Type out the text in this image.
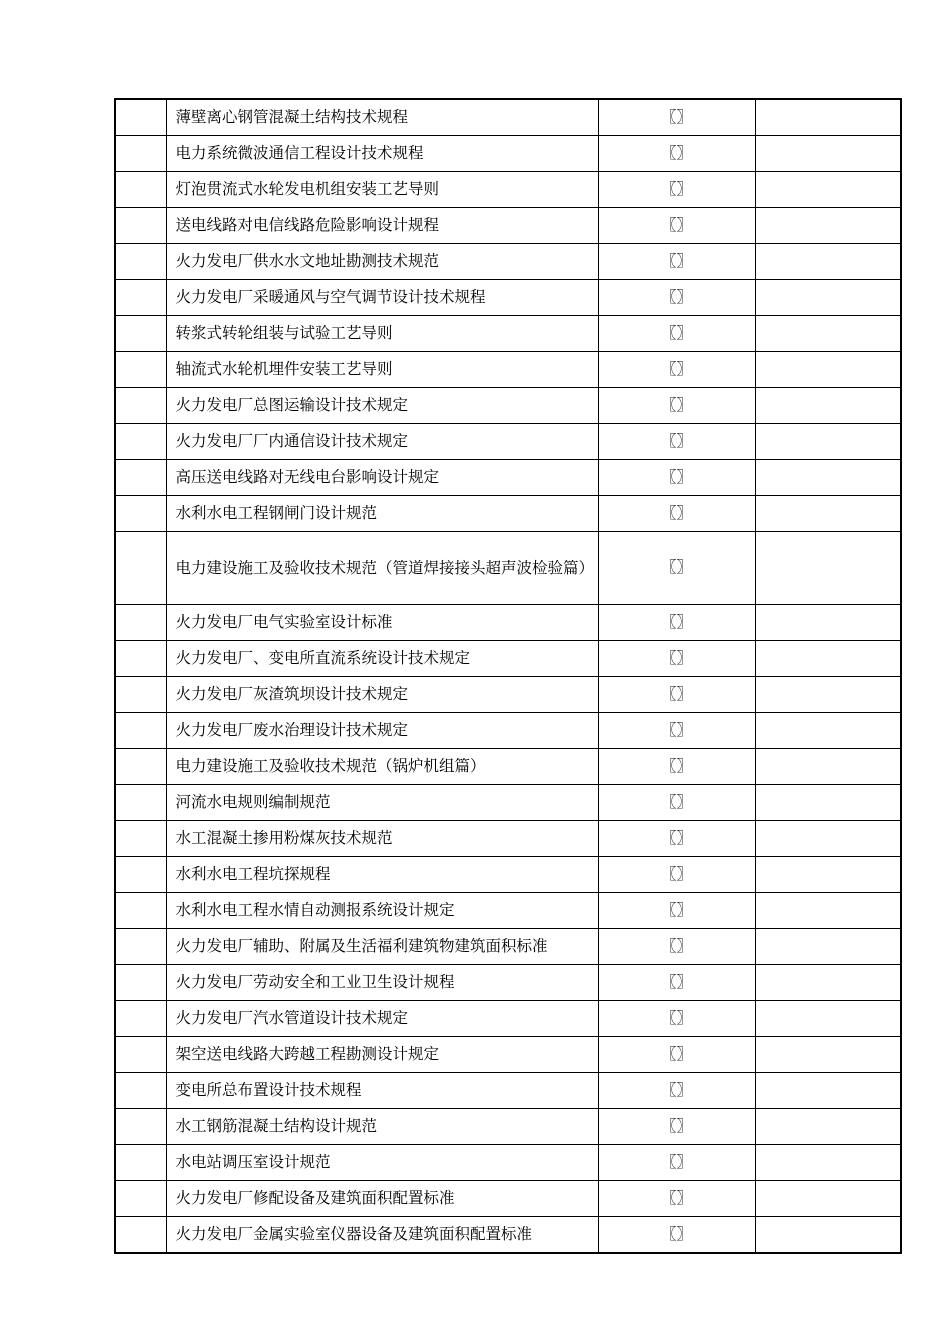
	薄壁离心钢管混凝土结构技术规程	〖〗	
	电力系统微波通信工程设计技术规程	〖〗	
	灯泡贯流式水轮发电机组安装工艺导则	〖〗	
	送电线路对电信线路危险影响设计规程	〖〗	
	火力发电厂供水水文地址勘测技术规范	〖〗	
	火力发电厂采暖通风与空气调节设计技术规程	〖〗	
	转浆式转轮组装与试验工艺导则	〖〗	
	轴流式水轮机埋件安装工艺导则	〖〗	
	火力发电厂总图运输设计技术规定	〖〗	
	火力发电厂厂内通信设计技术规定	〖〗	
	高压送电线路对无线电台影响设计规定	〖〗	
	水利水电工程钢闸门设计规范	〖〗	
	电力建设施工及验收技术规范（管道焊接接头超声波检验篇）	〖〗	
	火力发电厂电气实验室设计标准	〖〗	
	火力发电厂、变电所直流系统设计技术规定	〖〗	
	火力发电厂灰渣筑坝设计技术规定	〖〗	
	火力发电厂废水治理设计技术规定	〖〗	
	电力建设施工及验收技术规范（锅炉机组篇）	〖〗	
	河流水电规则编制规范	〖〗	
	水工混凝土掺用粉煤灰技术规范	〖〗	
	水利水电工程坑探规程	〖〗	
	水利水电工程水情自动测报系统设计规定	〖〗	
	火力发电厂辅助、附属及生活福利建筑物建筑面积标准	〖〗	
	火力发电厂劳动安全和工业卫生设计规程	〖〗	
	火力发电厂汽水管道设计技术规定	〖〗	
	架空送电线路大跨越工程勘测设计规定	〖〗	
	变电所总布置设计技术规程	〖〗	
	水工钢筋混凝土结构设计规范	〖〗	
	水电站调压室设计规范	〖〗	
	火力发电厂修配设备及建筑面积配置标准	〖〗	
	火力发电厂金属实验室仪器设备及建筑面积配置标准	〖〗	
